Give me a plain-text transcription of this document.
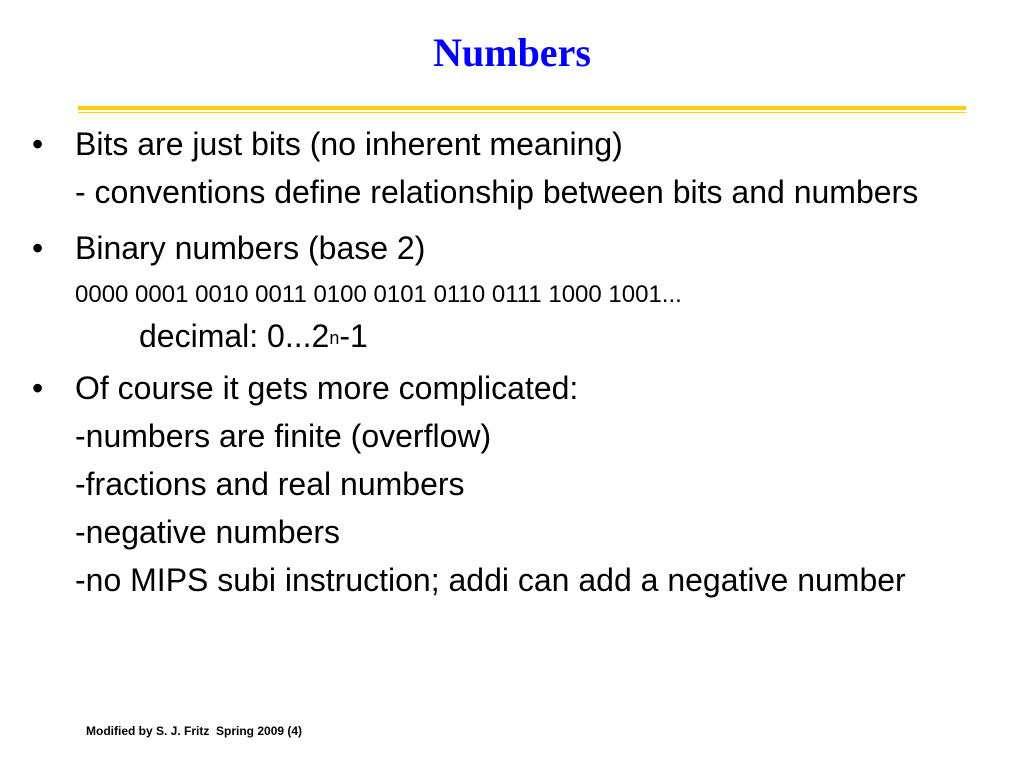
Numbers
• Bits are just bits (no inherent meaning)
- conventions define relationship between bits and numbers
• Binary numbers (base 2)
0000 0001 0010 0011 0100 0101 0110 0111 1000 1001...
decimal: 0...2$^n$-1
• Of course it gets more complicated:
-numbers are finite (overflow)
-fractions and real numbers
-negative numbers
-no MIPS subi instruction; addi can add a negative number
Modified by S. J. Fritz  Spring 2009 (4)
